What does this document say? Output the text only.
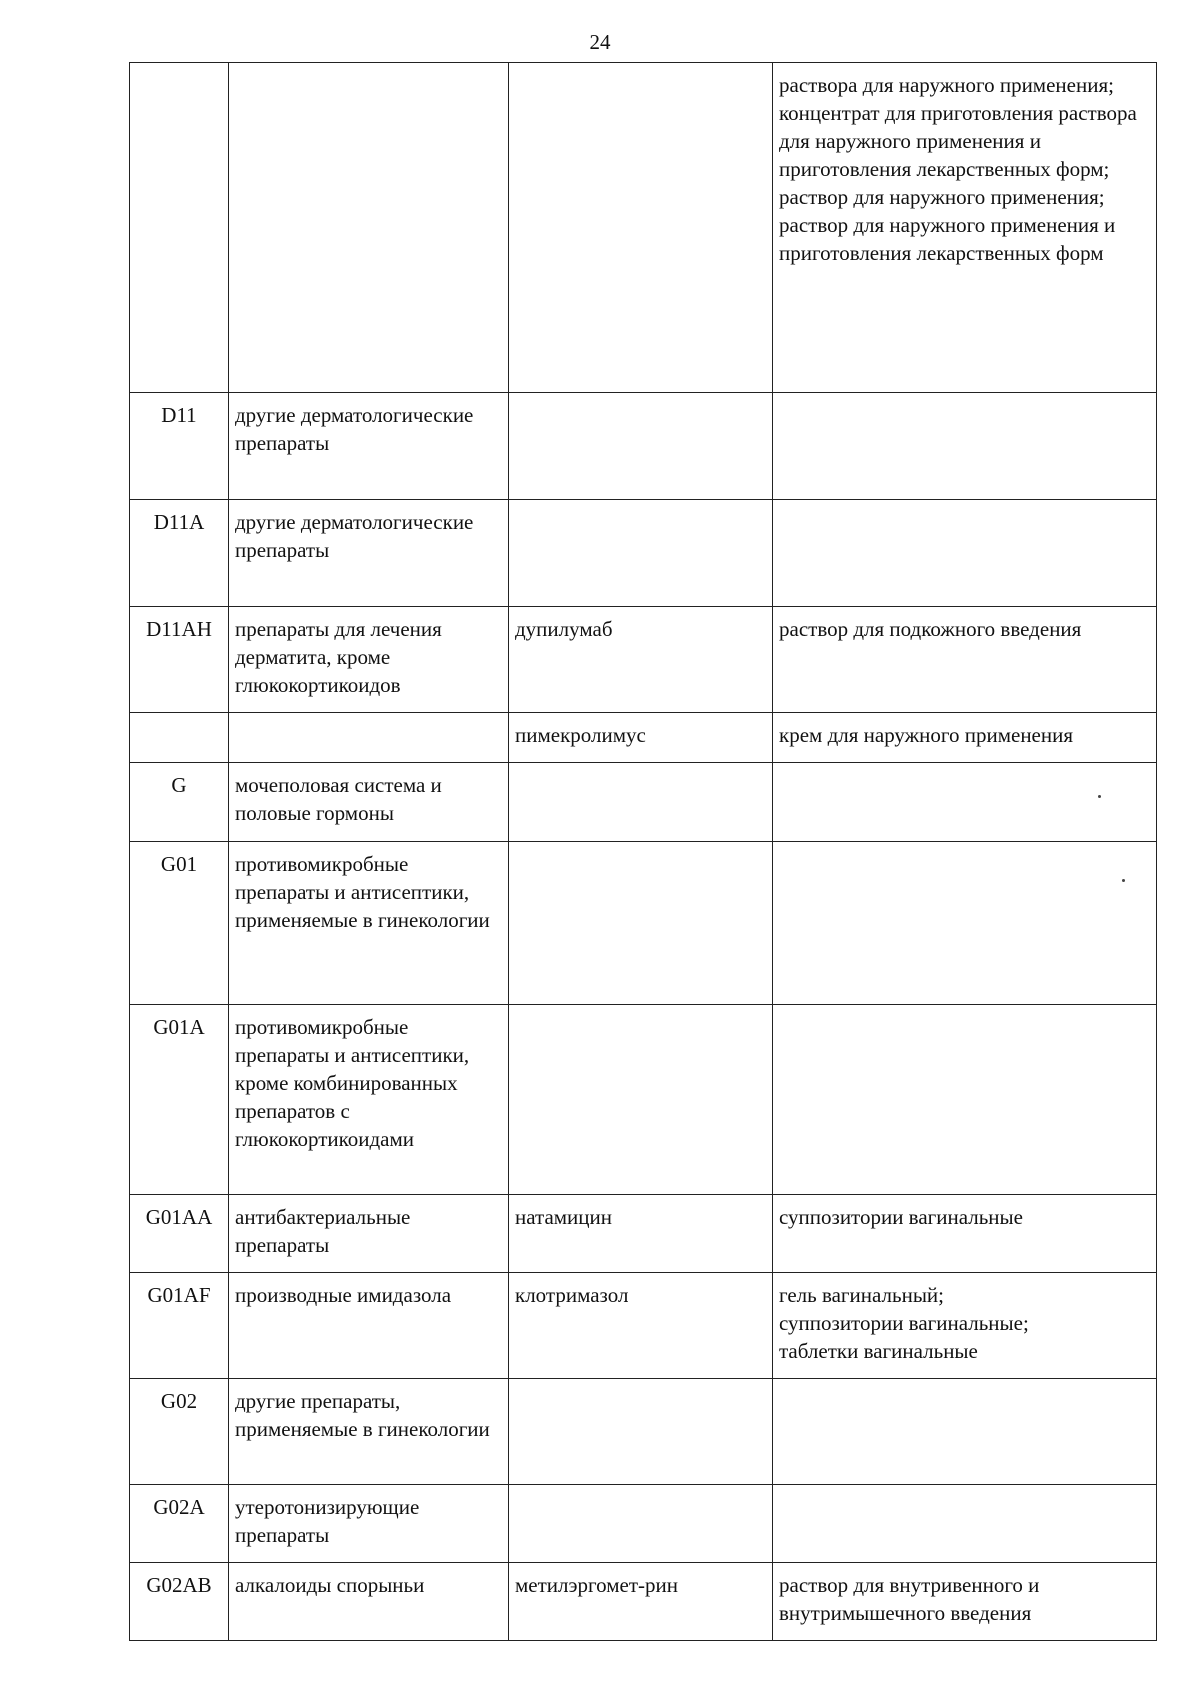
24

			раствора для наружного применения;
концентрат для приготовления раствора для наружного применения и приготовления лекарственных форм;
раствор для наружного применения;
раствор для наружного применения и приготовления лекарственных форм

D11	другие дерматологические препараты		
D11A	другие дерматологические препараты		
D11AH	препараты для лечения дерматита, кроме глюкокортикоидов	дупилумаб	раствор для подкожного введения

		пимекролимус	крем для наружного применения

G	мочеполовая система и половые гормоны		
G01	противомикробные препараты и антисептики, применяемые в гинекологии		
G01A	противомикробные препараты и антисептики, кроме комбинированных препаратов с глюкокортикоидами		
G01AA	антибактериальные препараты	натамицин	суппозитории вагинальные

G01AF	производные имидазола	клотримазол	гель вагинальный;
суппозитории вагинальные;
таблетки вагинальные

G02	другие препараты, применяемые в гинекологии		
G02A	утеротонизирующие препараты		
G02AB	алкалоиды спорыньи	метилэргомет-рин	раствор для внутривенного и внутримышечного введения
